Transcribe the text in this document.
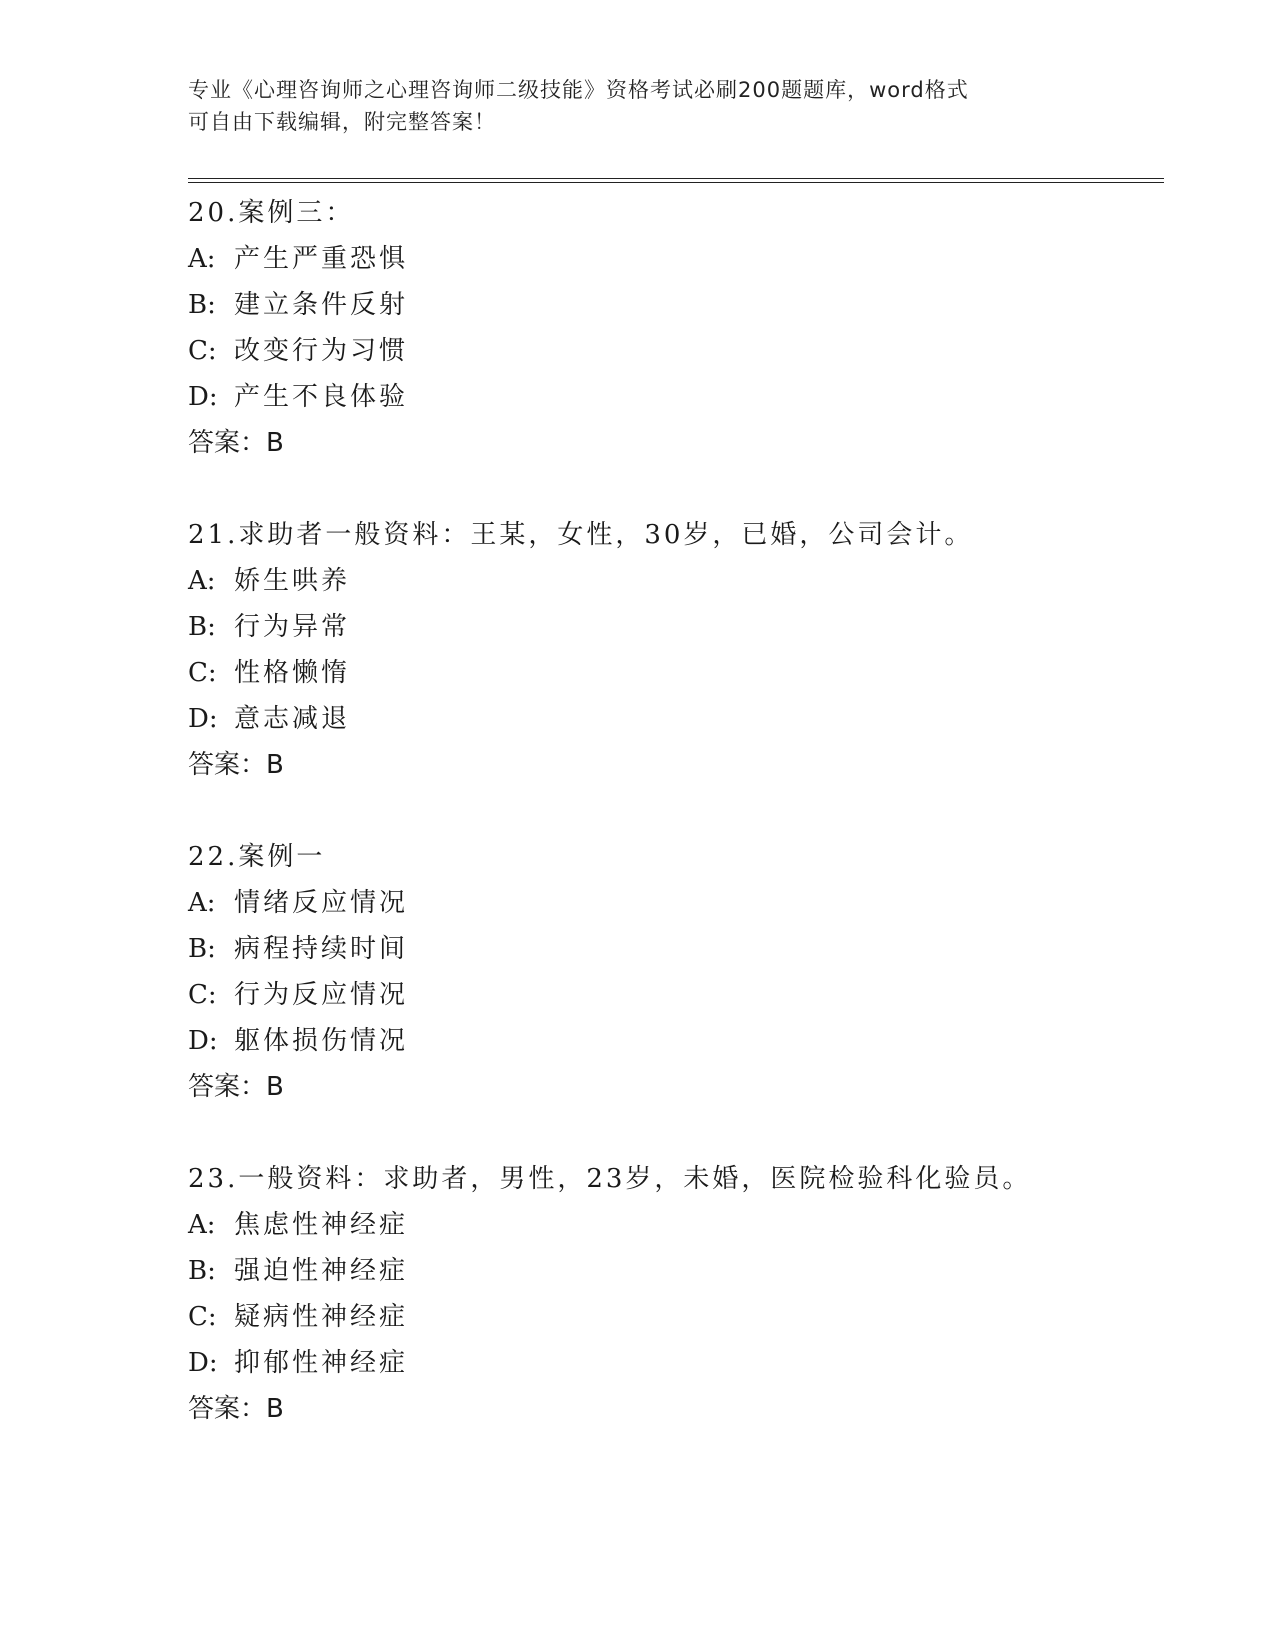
专业《心理咨询师之心理咨询师二级技能》资格考试必刷200题题库，word格式
可自由下载编辑，附完整答案！
20.案例三：
A: 产生严重恐惧
B: 建立条件反射
C: 改变行为习惯
D: 产生不良体验
答案：B
21.求助者一般资料：王某，女性，30岁，已婚，公司会计。
A: 娇生哄养
B: 行为异常
C: 性格懒惰
D: 意志减退
答案：B
22.案例一
A: 情绪反应情况
B: 病程持续时间
C: 行为反应情况
D: 躯体损伤情况
答案：B
23.一般资料：求助者，男性，23岁，未婚，医院检验科化验员。
A: 焦虑性神经症
B: 强迫性神经症
C: 疑病性神经症
D: 抑郁性神经症
答案：B
